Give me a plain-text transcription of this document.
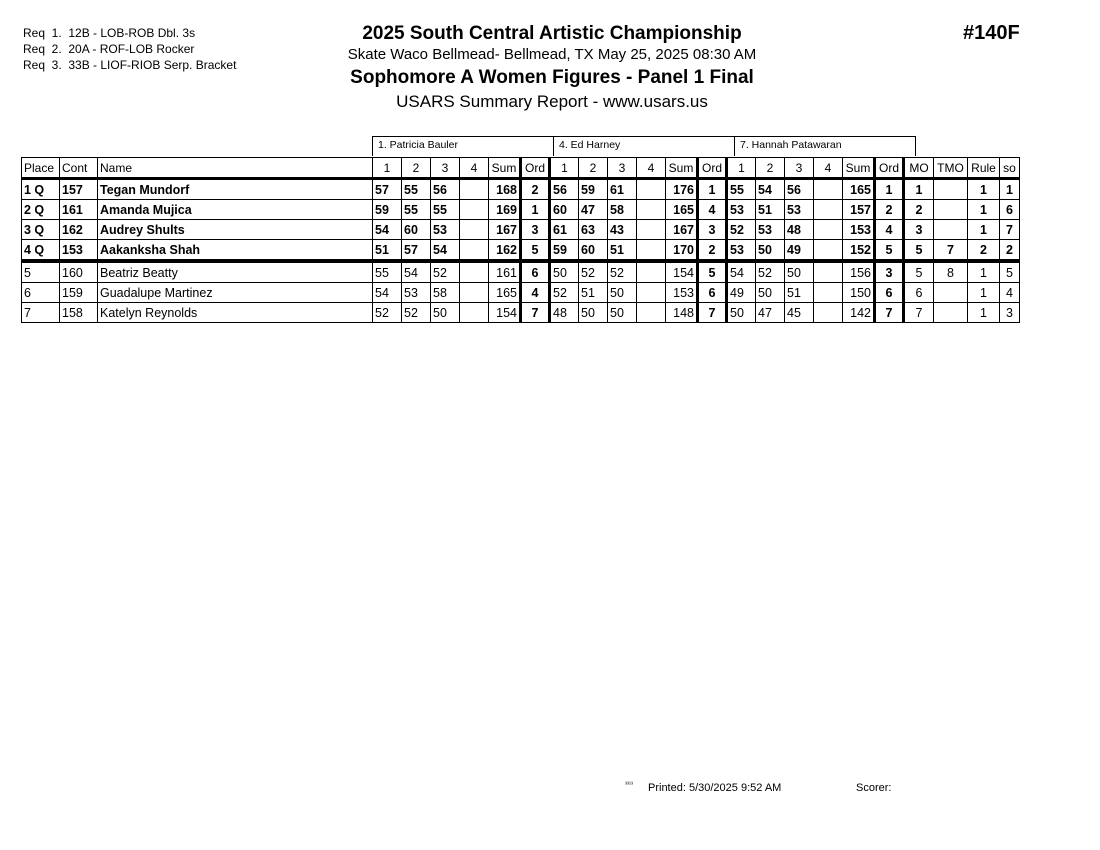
Req  1.  12B - LOB-ROB Dbl. 3s
Req  2.  20A - ROF-LOB Rocker
Req  3.  33B - LIOF-RIOB Serp. Bracket
2025 South Central Artistic Championship
Skate Waco Bellmead- Bellmead, TX May 25, 2025 08:30 AM
Sophomore A Women Figures - Panel 1 Final
USARS Summary Report - www.usars.us
#140F
1. Patricia Bauler	4. Ed Harney	7. Hannah Patawaran
Place	Cont	Name	1	2	3	4	Sum	Ord	1	2	3	4	Sum	Ord	1	2	3	4	Sum	Ord	MO	TMO	Rule	so
1 Q	157	Tegan Mundorf	57	55	56		168	2	56	59	61		176	1	55	54	56		165	1	1		1	1
2 Q	161	Amanda Mujica	59	55	55		169	1	60	47	58		165	4	53	51	53		157	2	2		1	6
3 Q	162	Audrey Shults	54	60	53		167	3	61	63	43		167	3	52	53	48		153	4	3		1	7
4 Q	153	Aakanksha Shah	51	57	54		162	5	59	60	51		170	2	53	50	49		152	5	5	7	2	2
5	160	Beatriz Beatty	55	54	52		161	6	50	52	52		154	5	54	52	50		156	3	5	8	1	5
6	159	Guadalupe Martinez	54	53	58		165	4	52	51	50		153	6	49	50	51		150	6	6		1	4
7	158	Katelyn Reynolds	52	52	50		154	7	48	50	50		148	7	50	47	45		142	7	7		1	3
³³¹³ Printed: 5/30/2025 9:52 AM	Scorer:
